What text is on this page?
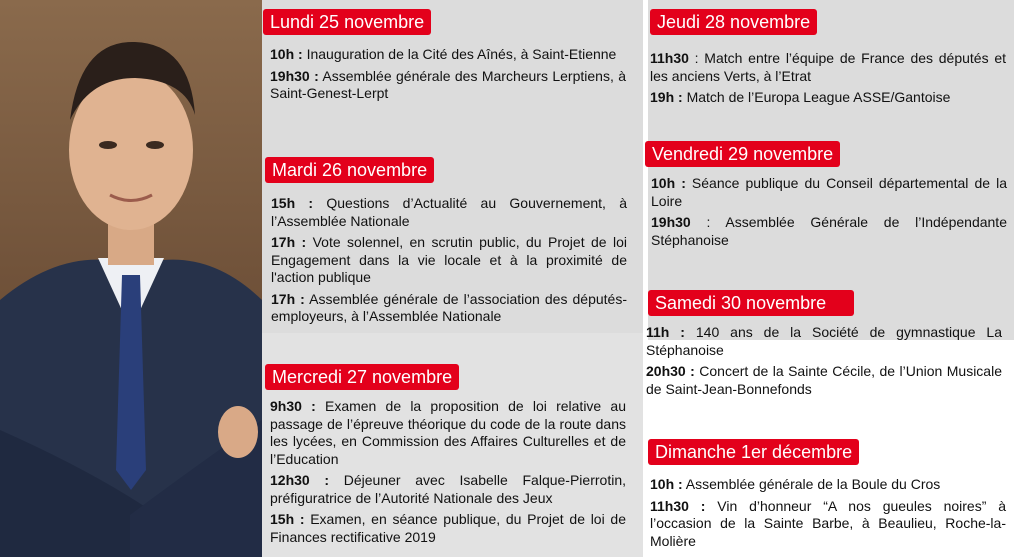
Lundi 25 novembre

10h : Inauguration de la Cité des Aînés, à Saint-Etienne

19h30 : Assemblée générale des Marcheurs Lerptiens, à Saint-Genest-Lerpt

Mardi 26 novembre

15h : Questions d’Actualité au Gouvernement, à l’Assemblée Nationale

17h : Vote solennel, en scrutin public, du Projet de loi Engagement dans la vie locale et à la proximité de l'action publique

17h : Assemblée générale de l’association des députés-employeurs, à l’Assemblée Nationale

Mercredi 27 novembre

9h30 : Examen de la proposition de loi relative au passage de l’épreuve théorique du code de la route dans les lycées, en Commission des Affaires Culturelles et de l’Education

12h30 : Déjeuner avec Isabelle Falque-Pierrotin, préfiguratrice de l’Autorité Nationale des Jeux

15h : Examen, en séance publique, du Projet de loi de Finances rectificative 2019

Jeudi 28 novembre

11h30 : Match entre l’équipe de France des députés et les anciens Verts, à l’Etrat

19h : Match de l’Europa League ASSE/Gantoise

Vendredi 29 novembre

10h : Séance publique du Conseil départemental de la Loire

19h30 : Assemblée Générale de l’Indépendante Stéphanoise

Samedi 30 novembre

11h : 140 ans de la Société de gymnastique La Stéphanoise

20h30 : Concert de la Sainte Cécile, de l’Union Musicale de Saint-Jean-Bonnefonds

Dimanche 1er décembre

10h : Assemblée générale de la Boule du Cros

11h30 : Vin d’honneur “A nos gueules noires” à l’occasion de la Sainte Barbe, à Beaulieu, Roche-la-Molière
